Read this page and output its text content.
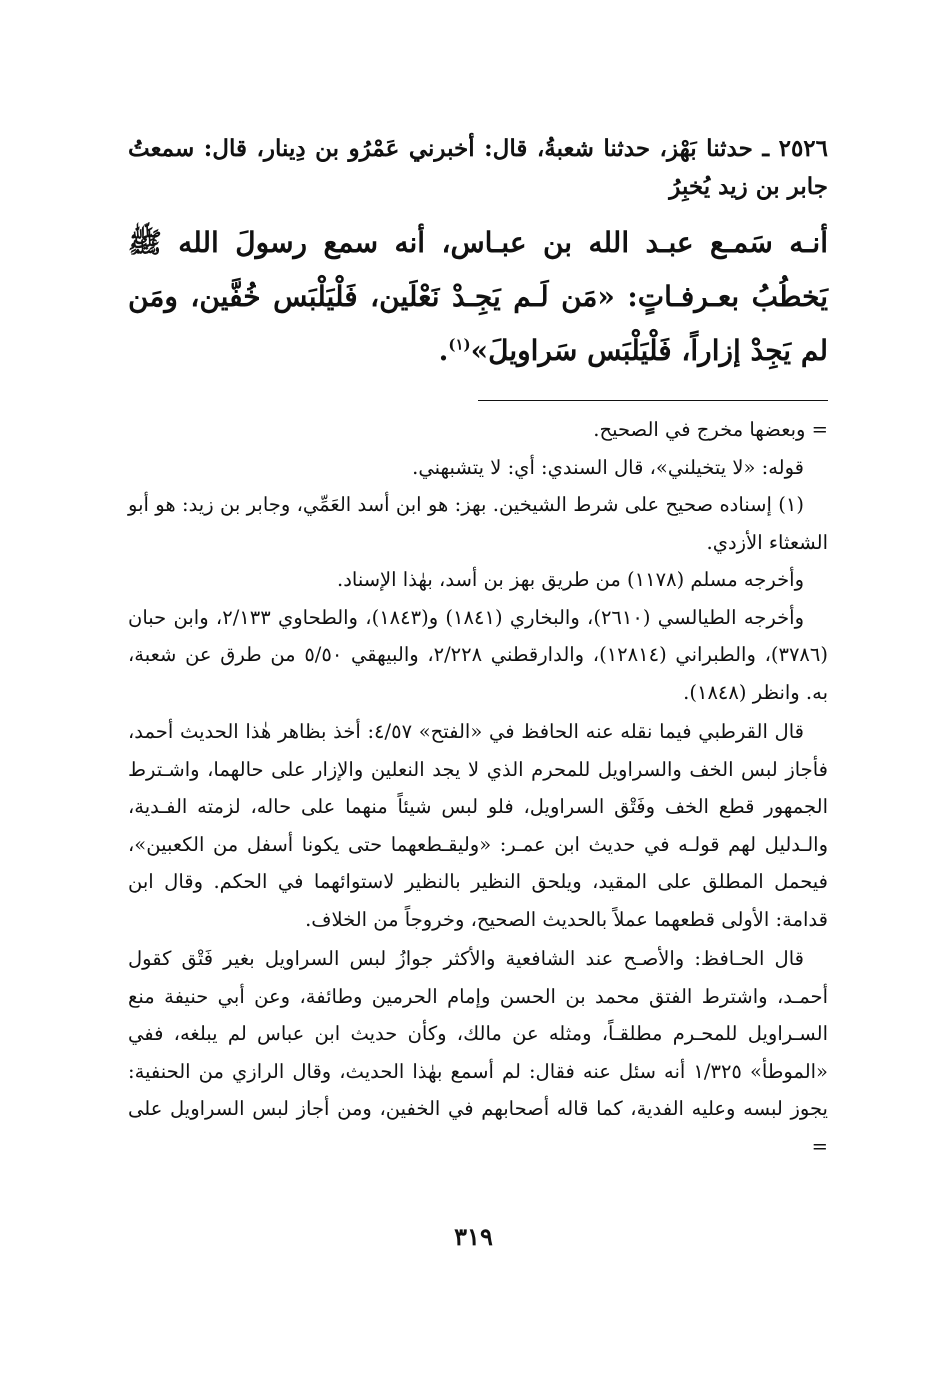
٢٥٢٦ ـ حدثنا بَهْز، حدثنا شعبةُ، قال: أخبرني عَمْرُو بن دِينار، قال: سمعتُ جابر بن زيد يُخبِرُ

أنـه سَمـع عبـد الله بن عبـاس، أنه سمع رسولَ الله ﷺ يَخطُبُ بعـرفـاتٍ: «مَن لَـم يَجِـدْ نَعْلَين، فَلْيَلْبَس خُفَّين، ومَن لم يَجِدْ إزاراً، فَلْيَلْبَس سَراويلَ»$^{(١)}$.

= وبعضها مخرج في الصحيح.

قوله: «لا يتخيلني»، قال السندي: أي: لا يتشبهني.

(١) إسناده صحيح على شرط الشيخين. بهز: هو ابن أسد العَمِّي، وجابر بن زيد: هو أبو الشعثاء الأزدي.

وأخرجه مسلم (١١٧٨) من طريق بهز بن أسد، بهٰذا الإسناد.

وأخرجه الطيالسي (٢٦١٠)، والبخاري (١٨٤١) و(١٨٤٣)، والطحاوي ٢/١٣٣، وابن حبان (٣٧٨٦)، والطبراني (١٢٨١٤)، والدارقطني ٢/٢٢٨، والبيهقي ٥/٥٠ من طرق عن شعبة، به. وانظر (١٨٤٨).

قال القرطبي فيما نقله عنه الحافظ في «الفتح» ٤/٥٧: أخذ بظاهر هٰذا الحديث أحمد، فأجاز لبس الخف والسراويل للمحرم الذي لا يجد النعلين والإزار على حالهما، واشـترط الجمهور قطع الخف وفَتْق السراويل، فلو لبس شيئاً منهما على حاله، لزمته الفـدية، والـدليل لهم قولـه في حديث ابن عمـر: «وليقـطعهما حتى يكونا أسفل من الكعبين»، فيحمل المطلق على المقيد، ويلحق النظير بالنظير لاستوائهما في الحكم. وقال ابن قدامة: الأولى قطعهما عملاً بالحديث الصحيح، وخروجاً من الخلاف.

قال الحـافظ: والأصـح عند الشافعية والأكثر جوازُ لبس السراويل بغير فَتْق كقول أحمـد، واشترط الفتق محمد بن الحسن وإمام الحرمين وطائفة، وعن أبي حنيفة منع السـراويل للمحـرم مطلقـاً، ومثله عن مالك، وكأن حديث ابن عباس لم يبلغه، ففي «الموطأ» ١/٣٢٥ أنه سئل عنه فقال: لم أسمع بهٰذا الحديث، وقال الرازي من الحنفية: يجوز لبسه وعليه الفدية، كما قاله أصحابهم في الخفين، ومن أجاز لبس السراويل على =

٣١٩
